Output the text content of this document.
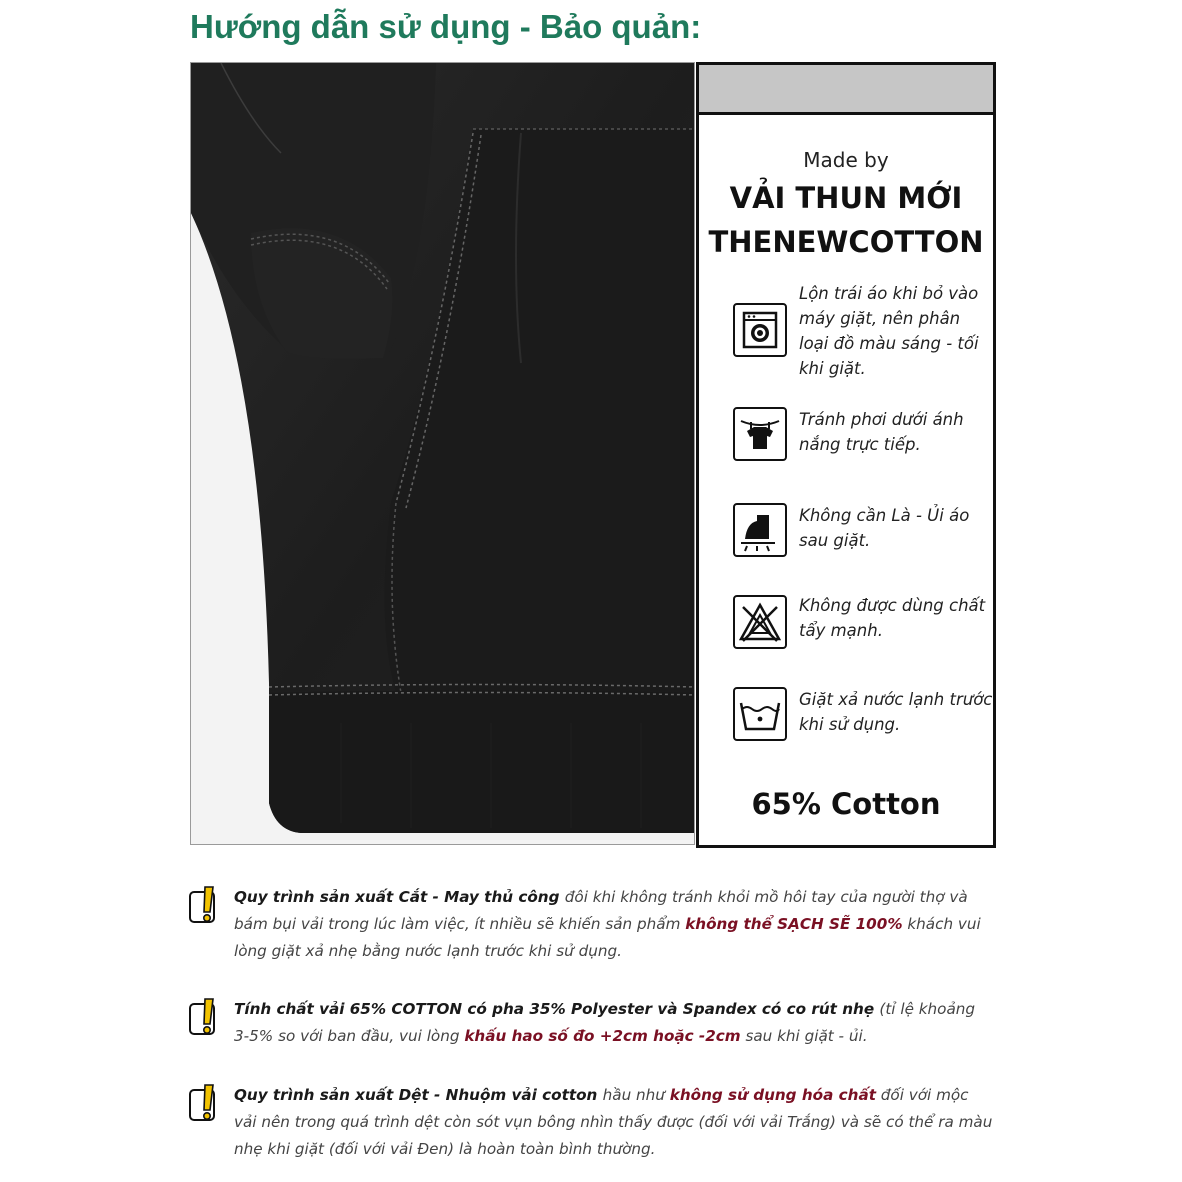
Hướng dẫn sử dụng - Bảo quản:
Made by
VẢI THUN MỚI
THENEWCOTTON
Lộn trái áo khi bỏ vào máy giặt, nên phân loại đồ màu sáng - tối khi giặt.
Tránh phơi dưới ánh nắng trực tiếp.
Không cần Là - Ủi áo sau giặt.
Không được dùng chất tẩy mạnh.
Giặt xả nước lạnh trước khi sử dụng.
65% Cotton
Quy trình sản xuất Cắt - May thủ công đôi khi không tránh khỏi mồ hôi tay của người thợ và bám bụi vải trong lúc làm việc, ít nhiều sẽ khiến sản phẩm không thể SẠCH SẼ 100% khách vui lòng giặt xả nhẹ bằng nước lạnh trước khi sử dụng.
Tính chất vải 65% COTTON có pha 35% Polyester và Spandex có co rút nhẹ (tỉ lệ khoảng 3-5% so với ban đầu, vui lòng khấu hao số đo +2cm hoặc -2cm sau khi giặt - ủi.
Quy trình sản xuất Dệt - Nhuộm vải cotton hầu như không sử dụng hóa chất đối với mộc vải nên trong quá trình dệt còn sót vụn bông nhìn thấy được (đối với vải Trắng) và sẽ có thể ra màu nhẹ khi giặt (đối với vải Đen) là hoàn toàn bình thường.
